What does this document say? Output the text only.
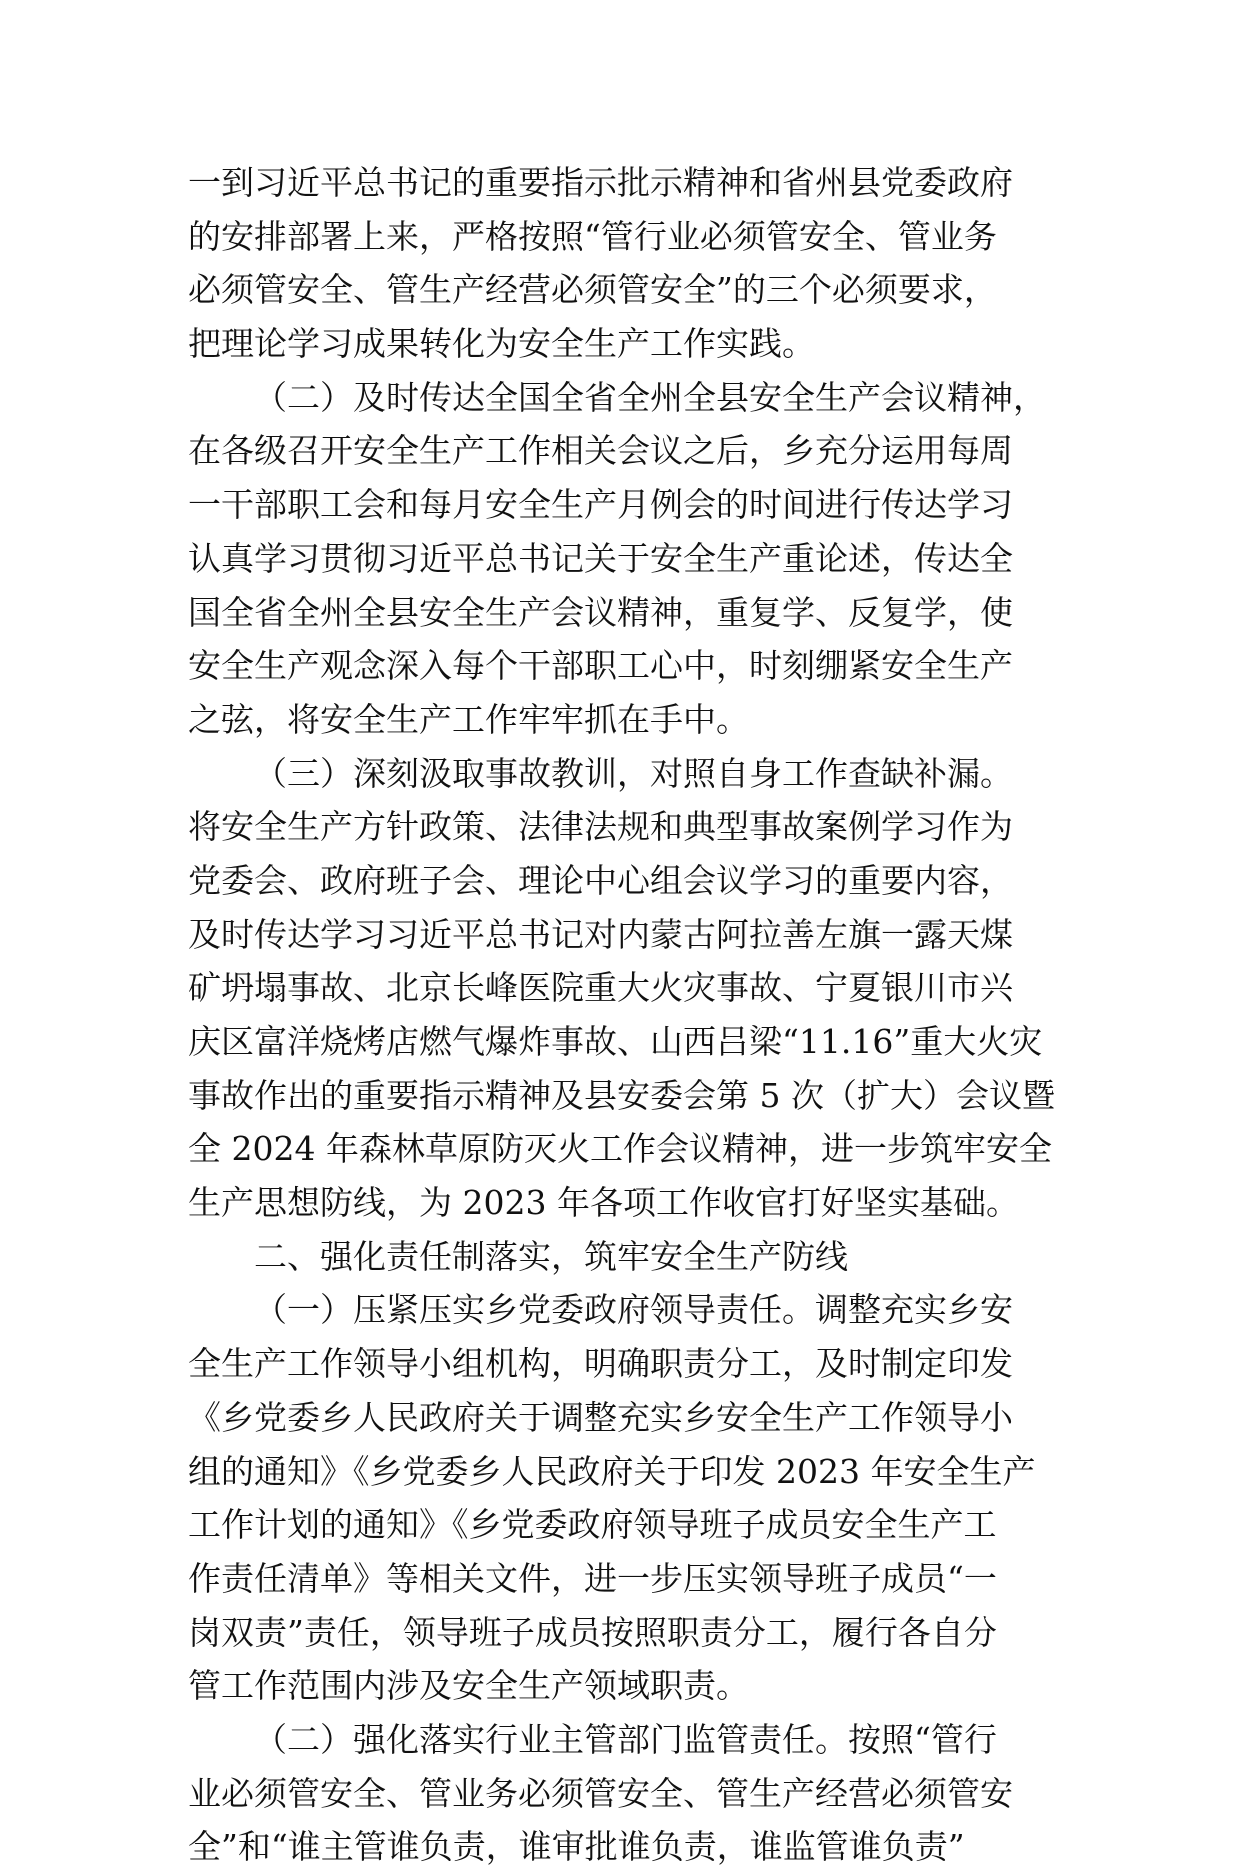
一到习近平总书记的重要指示批示精神和省州县党委政府
的安排部署上来，严格按照“管行业必须管安全、管业务
必须管安全、管生产经营必须管安全”的三个必须要求，
把理论学习成果转化为安全生产工作实践。
（二）及时传达全国全省全州全县安全生产会议精神，
在各级召开安全生产工作相关会议之后，乡充分运用每周
一干部职工会和每月安全生产月例会的时间进行传达学习
认真学习贯彻习近平总书记关于安全生产重论述，传达全
国全省全州全县安全生产会议精神，重复学、反复学，使
安全生产观念深入每个干部职工心中，时刻绷紧安全生产
之弦，将安全生产工作牢牢抓在手中。
（三）深刻汲取事故教训，对照自身工作查缺补漏。
将安全生产方针政策、法律法规和典型事故案例学习作为
党委会、政府班子会、理论中心组会议学习的重要内容，
及时传达学习习近平总书记对内蒙古阿拉善左旗一露天煤
矿坍塌事故、北京长峰医院重大火灾事故、宁夏银川市兴
庆区富洋烧烤店燃气爆炸事故、山西吕梁“11.16”重大火灾
事故作出的重要指示精神及县安委会第 5 次（扩大）会议暨
全 2024 年森林草原防灭火工作会议精神，进一步筑牢安全
生产思想防线，为 2023 年各项工作收官打好坚实基础。
二、强化责任制落实，筑牢安全生产防线
（一）压紧压实乡党委政府领导责任。调整充实乡安
全生产工作领导小组机构，明确职责分工，及时制定印发
《乡党委乡人民政府关于调整充实乡安全生产工作领导小
组的通知》《乡党委乡人民政府关于印发 2023 年安全生产
工作计划的通知》《乡党委政府领导班子成员安全生产工
作责任清单》等相关文件，进一步压实领导班子成员“一
岗双责”责任，领导班子成员按照职责分工，履行各自分
管工作范围内涉及安全生产领域职责。
（二）强化落实行业主管部门监管责任。按照“管行
业必须管安全、管业务必须管安全、管生产经营必须管安
全”和“谁主管谁负责，谁审批谁负责，谁监管谁负责”
